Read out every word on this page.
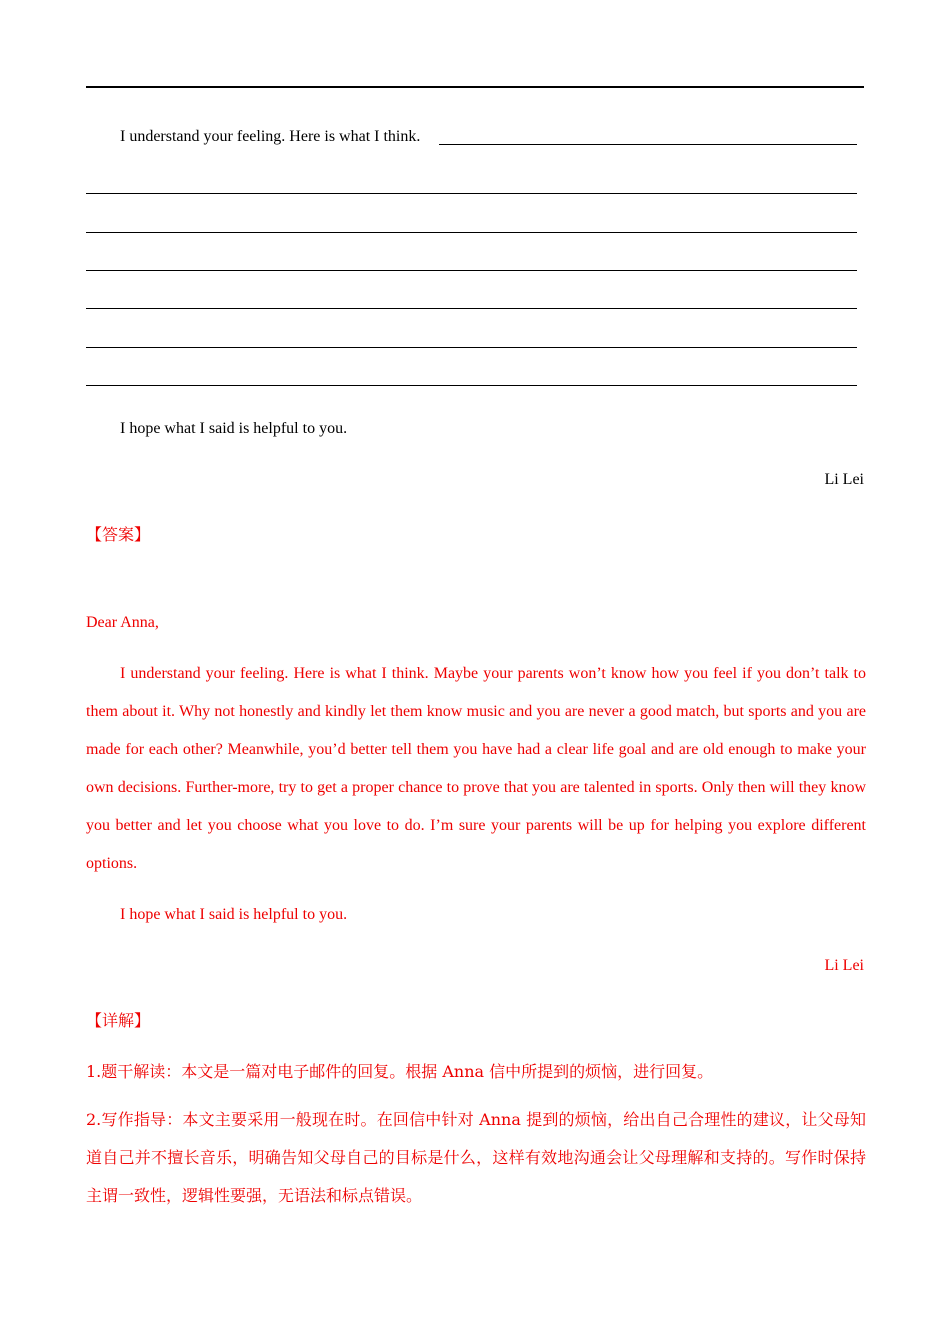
I understand your feeling. Here is what I think.
I hope what I said is helpful to you.
Li Lei
【答案】
Dear Anna,
I understand your feeling. Here is what I think. Maybe your parents won’t know how you feel if you don’t talk to them about it. Why not honestly and kindly let them know music and you are never a good match, but sports and you are made for each other? Meanwhile, you’d better tell them you have had a clear life goal and are old enough to make your own decisions. Further-more, try to get a proper chance to prove that you are talented in sports. Only then will they know you better and let you choose what you love to do. I’m sure your parents will be up for helping you explore different options.
I hope what I said is helpful to you.
Li Lei
【详解】
1.题干解读：本文是一篇对电子邮件的回复。根据 Anna 信中所提到的烦恼，进行回复。
2.写作指导：本文主要采用一般现在时。在回信中针对 Anna 提到的烦恼，给出自己合理性的建议，让父母知道自己并不擅长音乐，明确告知父母自己的目标是什么，这样有效地沟通会让父母理解和支持的。写作时保持主谓一致性，逻辑性要强，无语法和标点错误。
